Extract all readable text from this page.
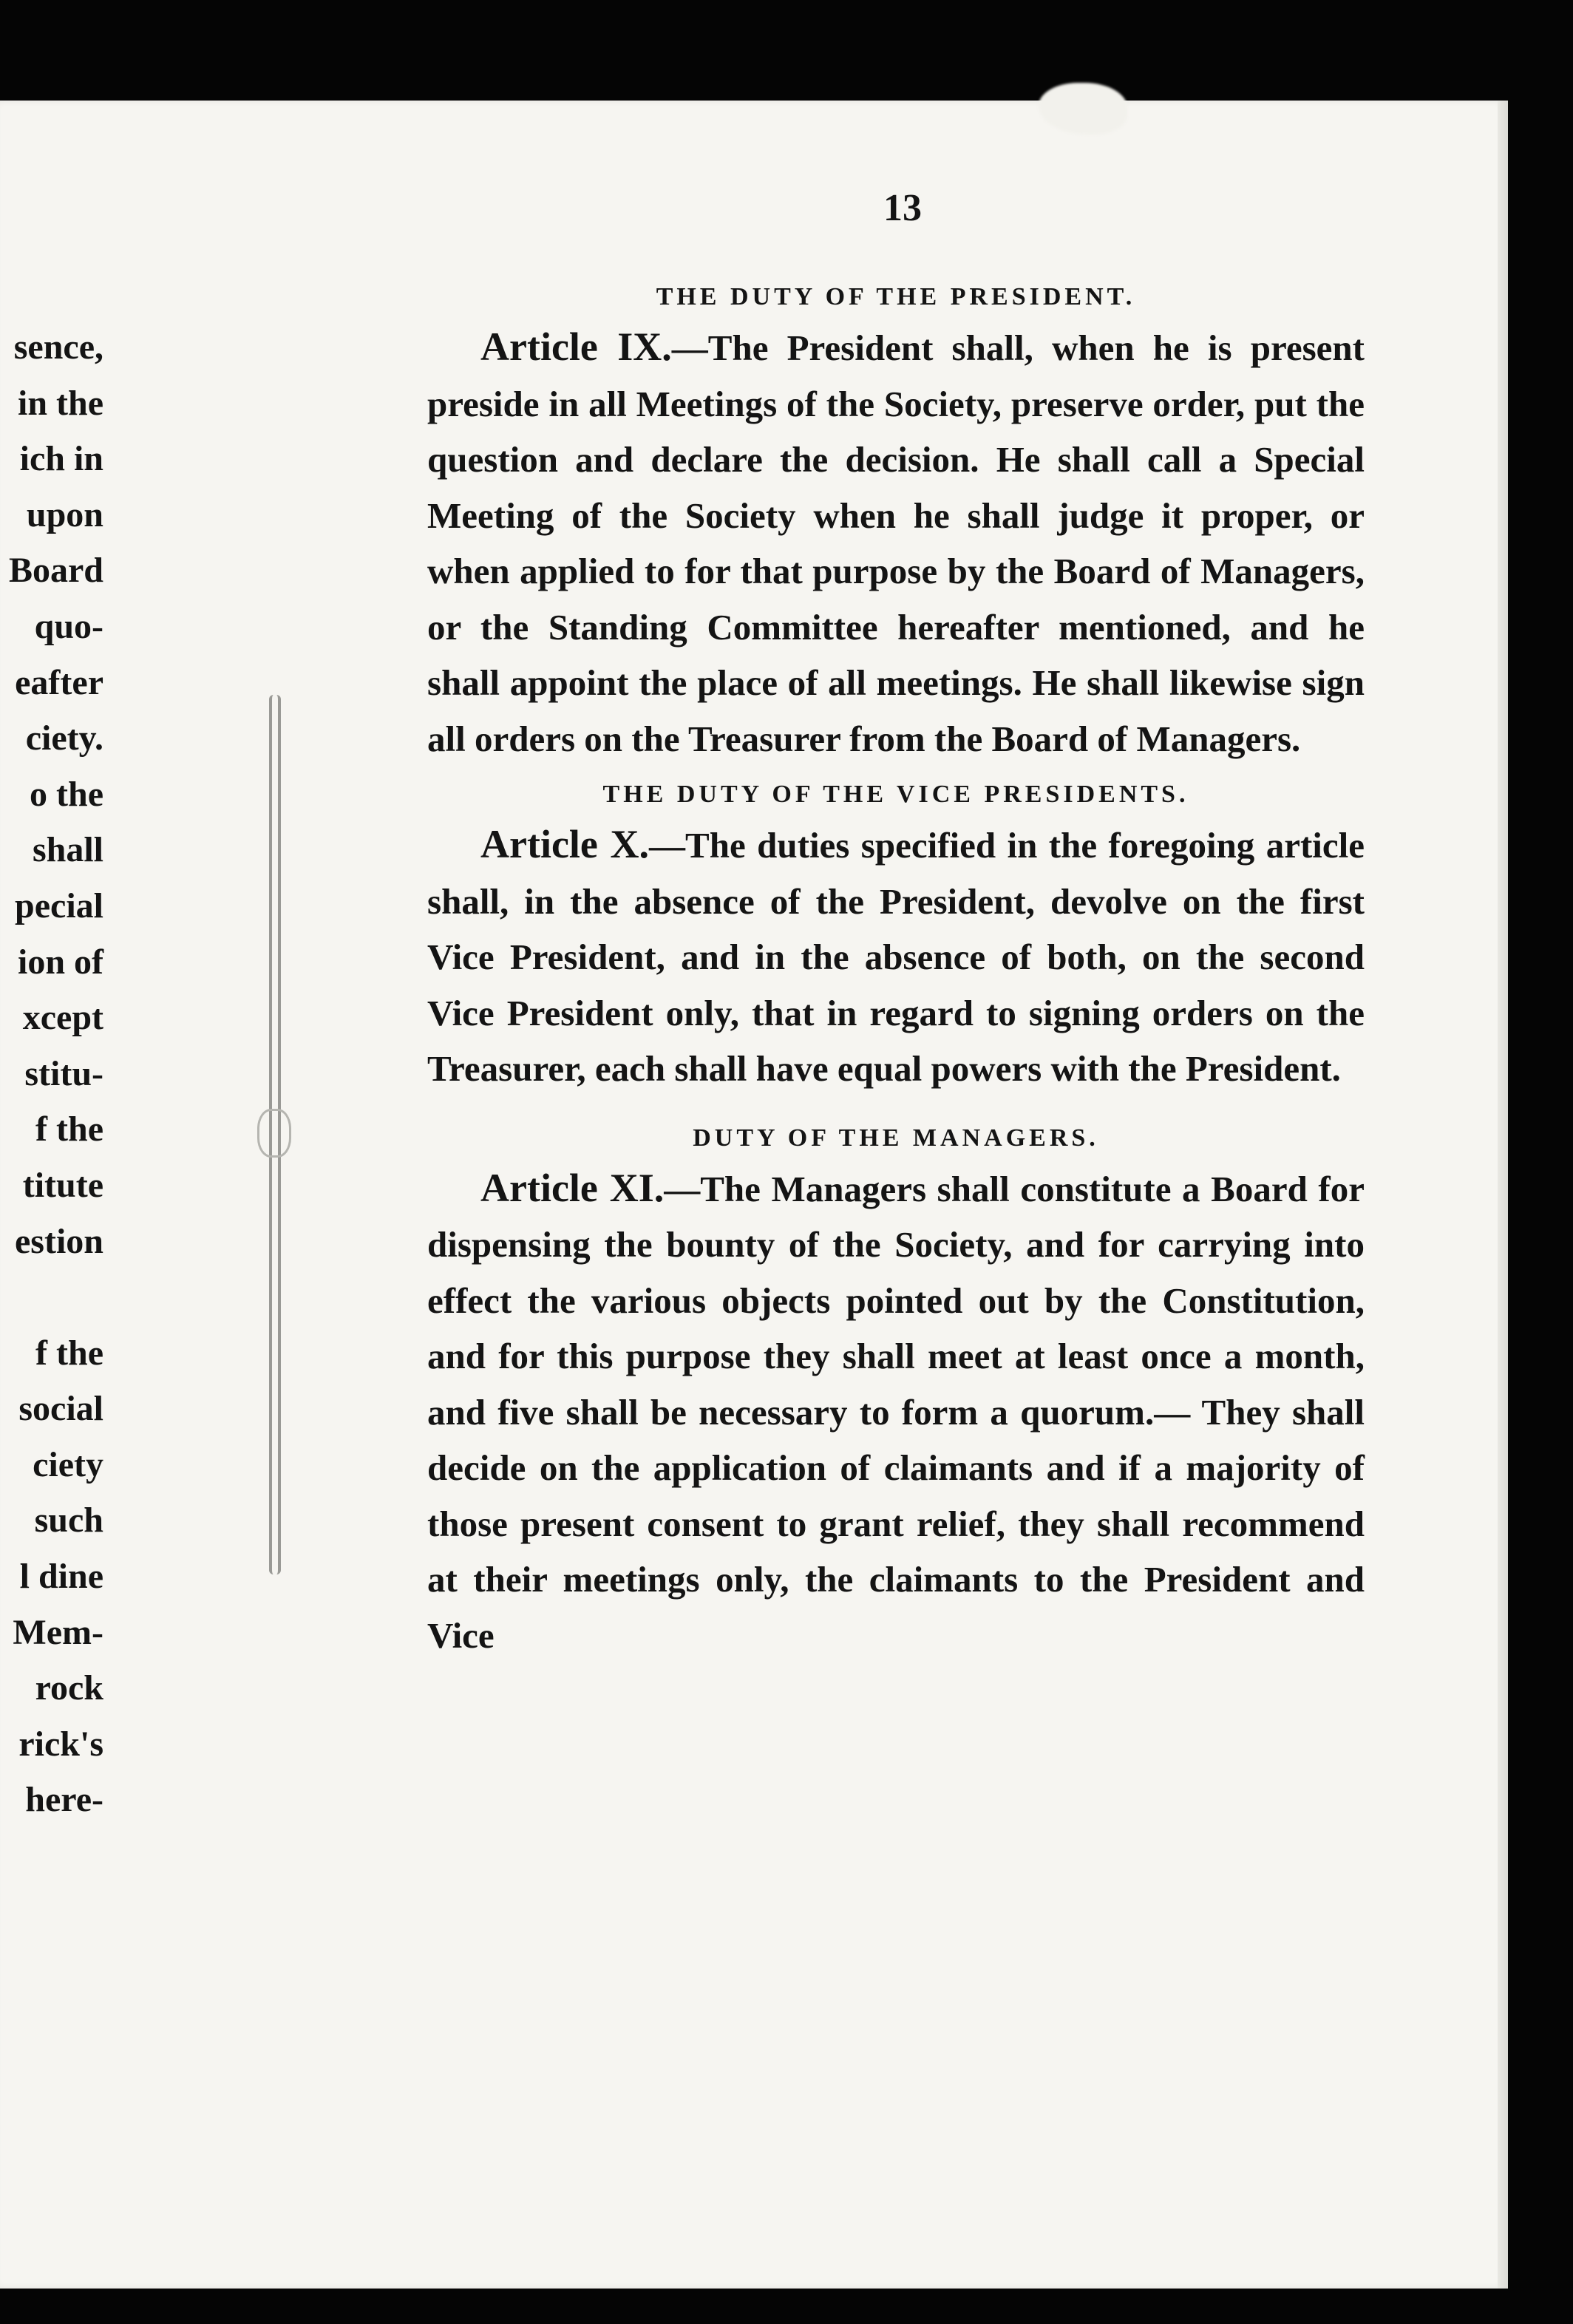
13
sence,
in the
ich in
upon
Board
quo-
eafter
ciety.
o the
shall
pecial
ion of
xcept
stitu-
f the
titute
estion
f the
social
ciety
such
l dine
Mem-
rock
rick's
here-
THE DUTY OF THE PRESIDENT.

Article IX.—The President shall, when he is present preside in all Meetings of the Society, preserve order, put the question and declare the decision. He shall call a Special Meeting of the Society when he shall judge it proper, or when applied to for that purpose by the Board of Managers, or the Standing Committee hereafter mentioned, and he shall appoint the place of all meetings. He shall likewise sign all orders on the Treasurer from the Board of Managers.

THE DUTY OF THE VICE PRESIDENTS.

Article X.—The duties specified in the foregoing article shall, in the absence of the President, devolve on the first Vice President, and in the absence of both, on the second Vice President only, that in regard to signing orders on the Treasurer, each shall have equal powers with the President.

DUTY OF THE MANAGERS.

Article XI.—The Managers shall constitute a Board for dispensing the bounty of the Society, and for carrying into effect the various objects pointed out by the Constitution, and for this purpose they shall meet at least once a month, and five shall be necessary to form a quorum.— They shall decide on the application of claimants and if a majority of those present consent to grant relief, they shall recommend at their meetings only, the claimants to the President and Vice
